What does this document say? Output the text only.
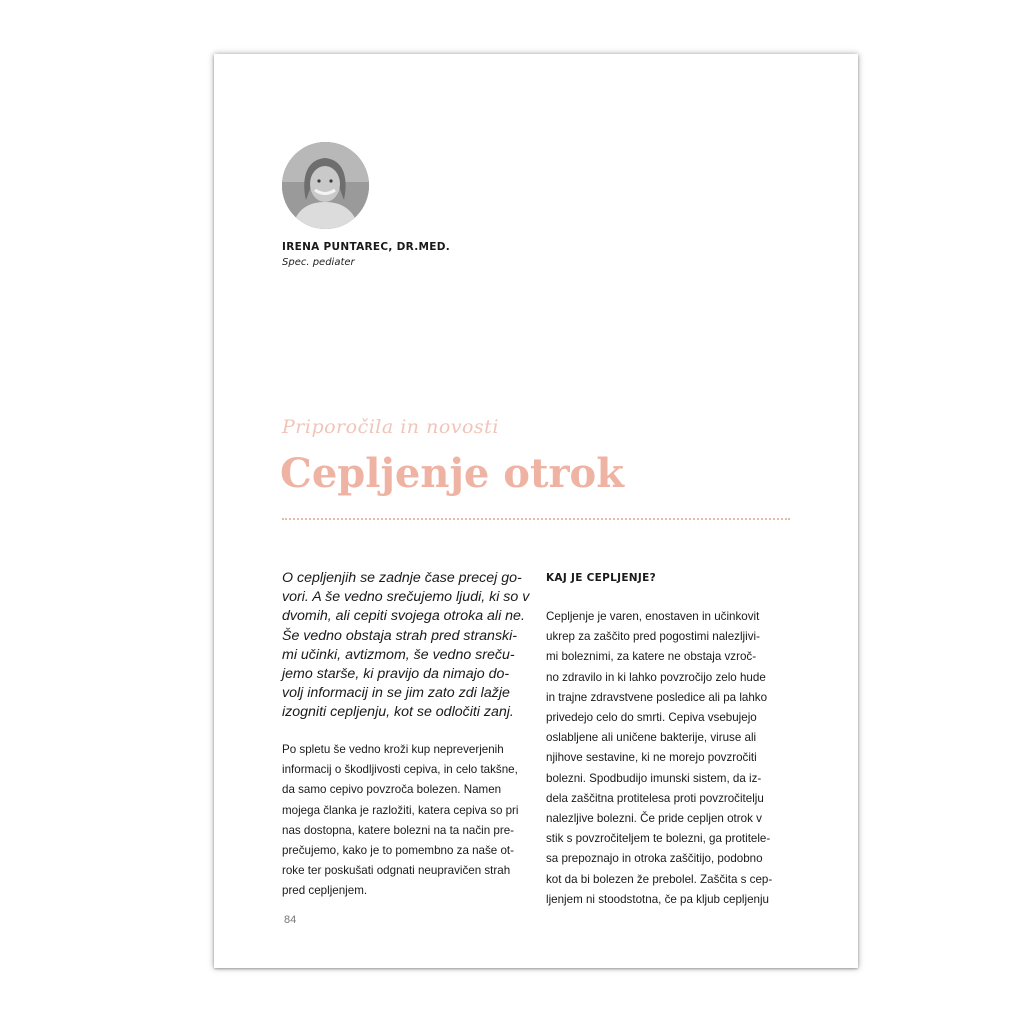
IRENA PUNTAREC, DR.MED.
Spec. pediater
Priporočila in novosti
Cepljenje otrok
O cepljenjih se zadnje čase precej go-
vori. A še vedno srečujemo ljudi, ki so v
dvomih, ali cepiti svojega otroka ali ne.
Še vedno obstaja strah pred stranski-
mi učinki, avtizmom, še vedno sreču-
jemo starše, ki pravijo da nimajo do-
volj informacij in se jim zato zdi lažje
izogniti cepljenju, kot se odločiti zanj.
Po spletu še vedno kroži kup nepreverjenih
informacij o škodljivosti cepiva, in celo takšne,
da samo cepivo povzroča bolezen. Namen
mojega članka je razložiti, katera cepiva so pri
nas dostopna, katere bolezni na ta način pre-
prečujemo, kako je to pomembno za naše ot-
roke ter poskušati odgnati neupravičen strah
pred cepljenjem.
KAJ JE CEPLJENJE?
Cepljenje je varen, enostaven in učinkovit
ukrep za zaščito pred pogostimi nalezljivi-
mi boleznimi, za katere ne obstaja vzroč-
no zdravilo in ki lahko povzročijo zelo hude
in trajne zdravstvene posledice ali pa lahko
privedejo celo do smrti. Cepiva vsebujejo
oslabljene ali uničene bakterije, viruse ali
njihove sestavine, ki ne morejo povzročiti
bolezni. Spodbudijo imunski sistem, da iz-
dela zaščitna protitelesa proti povzročitelju
nalezljive bolezni. Če pride cepljen otrok v
stik s povzročiteljem te bolezni, ga protitele-
sa prepoznajo in otroka zaščitijo, podobno
kot da bi bolezen že prebolel. Zaščita s cep-
ljenjem ni stoodstotna, če pa kljub cepljenju
84
